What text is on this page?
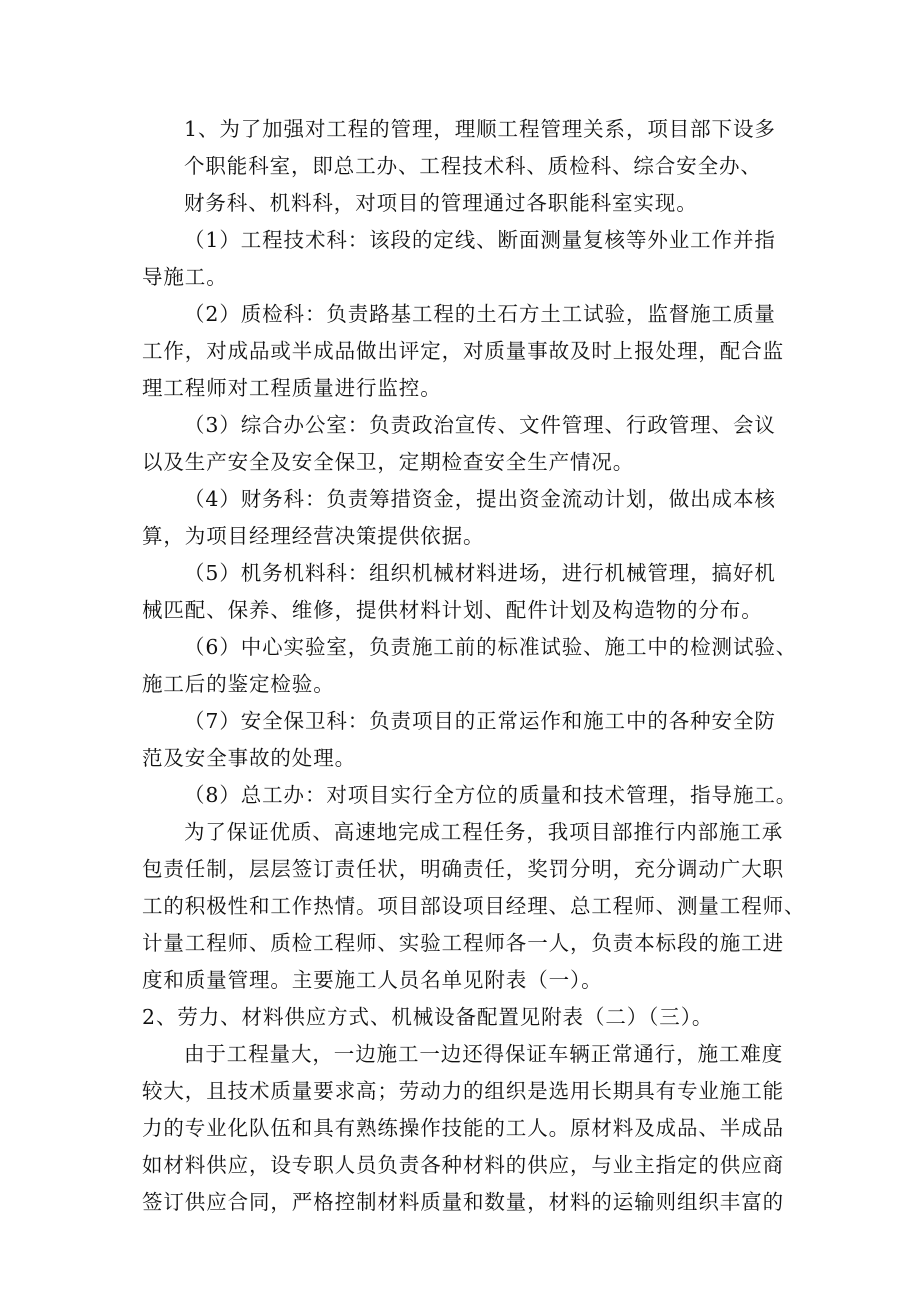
1、为了加强对工程的管理，理顺工程管理关系，项目部下设多
个职能科室，即总工办、工程技术科、质检科、综合安全办、
财务科、机料科，对项目的管理通过各职能科室实现。
（1）工程技术科：该段的定线、断面测量复核等外业工作并指
导施工。
（2）质检科：负责路基工程的土石方土工试验，监督施工质量
工作，对成品或半成品做出评定，对质量事故及时上报处理，配合监
理工程师对工程质量进行监控。
（3）综合办公室：负责政治宣传、文件管理、行政管理、会议
以及生产安全及安全保卫，定期检查安全生产情况。
（4）财务科：负责筹措资金，提出资金流动计划，做出成本核
算，为项目经理经营决策提供依据。
（5）机务机料科：组织机械材料进场，进行机械管理，搞好机
械匹配、保养、维修，提供材料计划、配件计划及构造物的分布。
（6）中心实验室，负责施工前的标准试验、施工中的检测试验、
施工后的鉴定检验。
（7）安全保卫科：负责项目的正常运作和施工中的各种安全防
范及安全事故的处理。
（8）总工办：对项目实行全方位的质量和技术管理，指导施工。
为了保证优质、高速地完成工程任务，我项目部推行内部施工承
包责任制，层层签订责任状，明确责任，奖罚分明，充分调动广大职
工的积极性和工作热情。项目部设项目经理、总工程师、测量工程师、
计量工程师、质检工程师、实验工程师各一人，负责本标段的施工进
度和质量管理。主要施工人员名单见附表（一）。
2、劳力、材料供应方式、机械设备配置见附表（二）（三）。
由于工程量大，一边施工一边还得保证车辆正常通行，施工难度
较大，且技术质量要求高；劳动力的组织是选用长期具有专业施工能
力的专业化队伍和具有熟练操作技能的工人。原材料及成品、半成品
如材料供应，设专职人员负责各种材料的供应，与业主指定的供应商
签订供应合同，严格控制材料质量和数量，材料的运输则组织丰富的
